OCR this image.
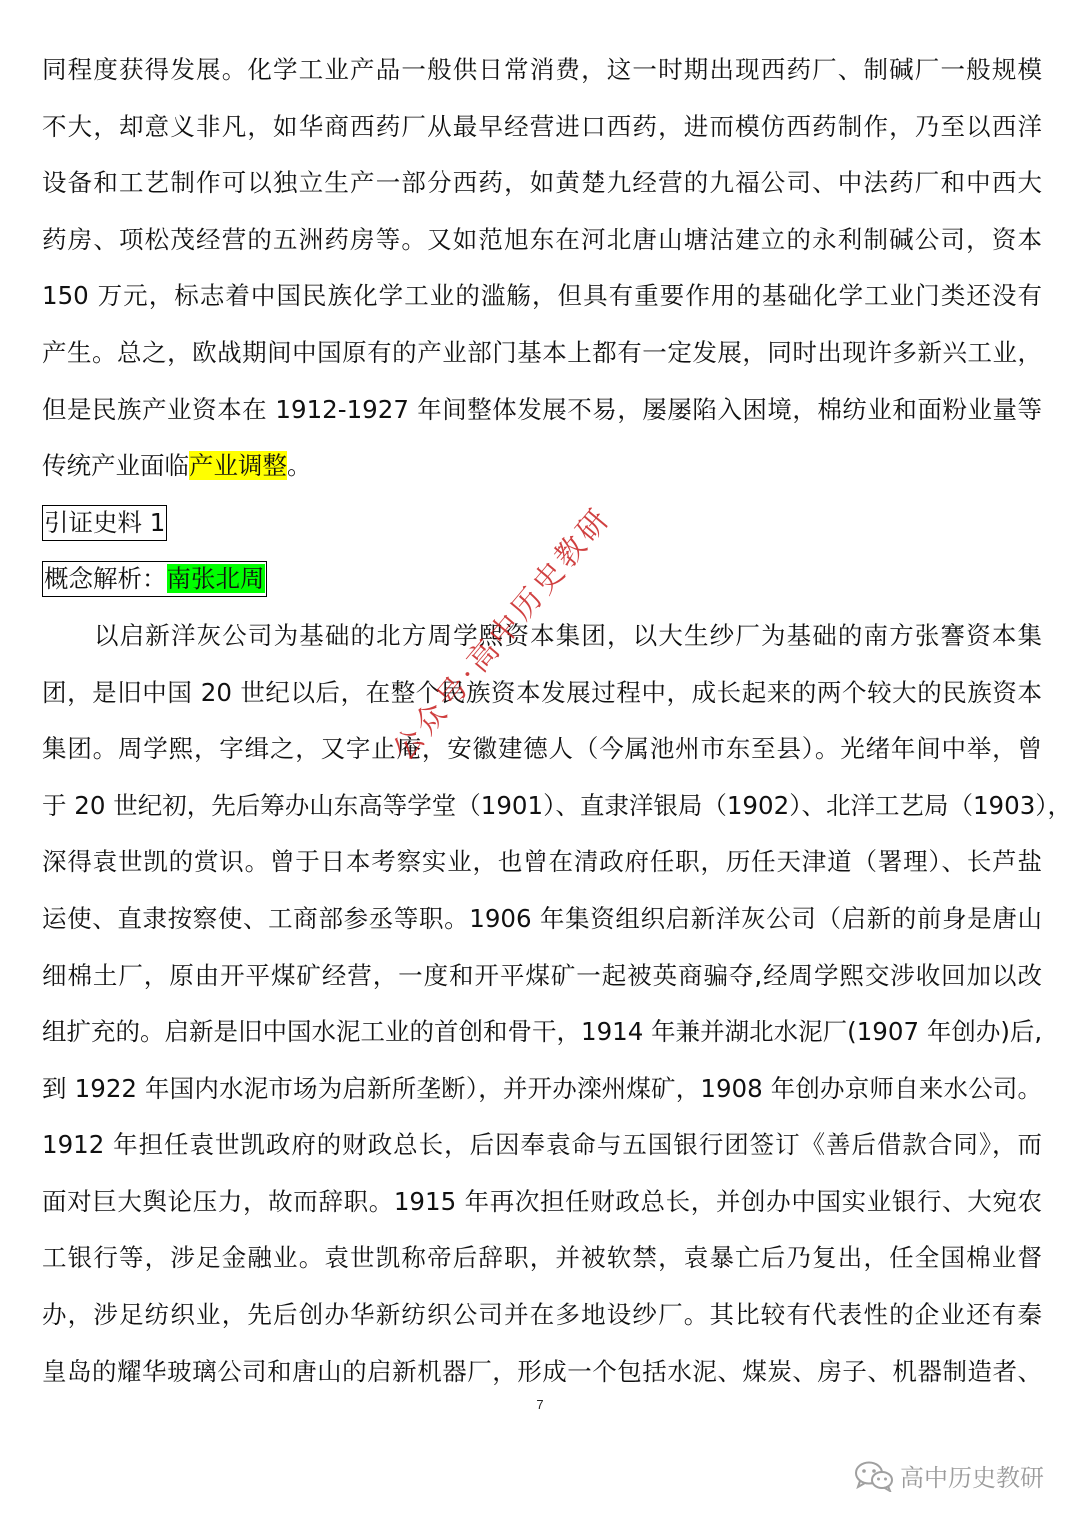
同程度获得发展。化学工业产品一般供日常消费，这一时期出现西药厂、制碱厂一般规模
不大，却意义非凡，如华商西药厂从最早经营进口西药，进而模仿西药制作，乃至以西洋
设备和工艺制作可以独立生产一部分西药，如黄楚九经营的九福公司、中法药厂和中西大
药房、项松茂经营的五洲药房等。又如范旭东在河北唐山塘沽建立的永利制碱公司，资本
150 万元，标志着中国民族化学工业的滥觞，但具有重要作用的基础化学工业门类还没有
产生。总之，欧战期间中国原有的产业部门基本上都有一定发展，同时出现许多新兴工业，
但是民族产业资本在 1912-1927 年间整体发展不易，屡屡陷入困境，棉纺业和面粉业量等
传统产业面临产业调整。
引证史料 1
概念解析：南张北周
以启新洋灰公司为基础的北方周学熙资本集团，以大生纱厂为基础的南方张謇资本集
团，是旧中国 20 世纪以后，在整个民族资本发展过程中，成长起来的两个较大的民族资本
集团。周学熙，字缉之，又字止庵，安徽建德人（今属池州市东至县）。光绪年间中举，曾
于 20 世纪初，先后筹办山东高等学堂（1901）、直隶洋银局（1902）、北洋工艺局（1903），
深得袁世凯的赏识。曾于日本考察实业，也曾在清政府任职，历任天津道（署理）、长芦盐
运使、直隶按察使、工商部参丞等职。1906 年集资组织启新洋灰公司（启新的前身是唐山
细棉土厂，原由开平煤矿经营，一度和开平煤矿一起被英商骗夺,经周学熙交涉收回加以改
组扩充的。启新是旧中国水泥工业的首创和骨干，1914 年兼并湖北水泥厂(1907 年创办)后,
到 1922 年国内水泥市场为启新所垄断），并开办滦州煤矿，1908 年创办京师自来水公司。
1912 年担任袁世凯政府的财政总长，后因奉袁命与五国银行团签订《善后借款合同》，而
面对巨大舆论压力，故而辞职。1915 年再次担任财政总长，并创办中国实业银行、大宛农
工银行等，涉足金融业。袁世凯称帝后辞职，并被软禁，袁暴亡后乃复出，任全国棉业督
办，涉足纺织业，先后创办华新纺织公司并在多地设纱厂。其比较有代表性的企业还有秦
皇岛的耀华玻璃公司和唐山的启新机器厂，形成一个包括水泥、煤炭、房子、机器制造者、
公众号·高中历史教研
7
高中历史教研
